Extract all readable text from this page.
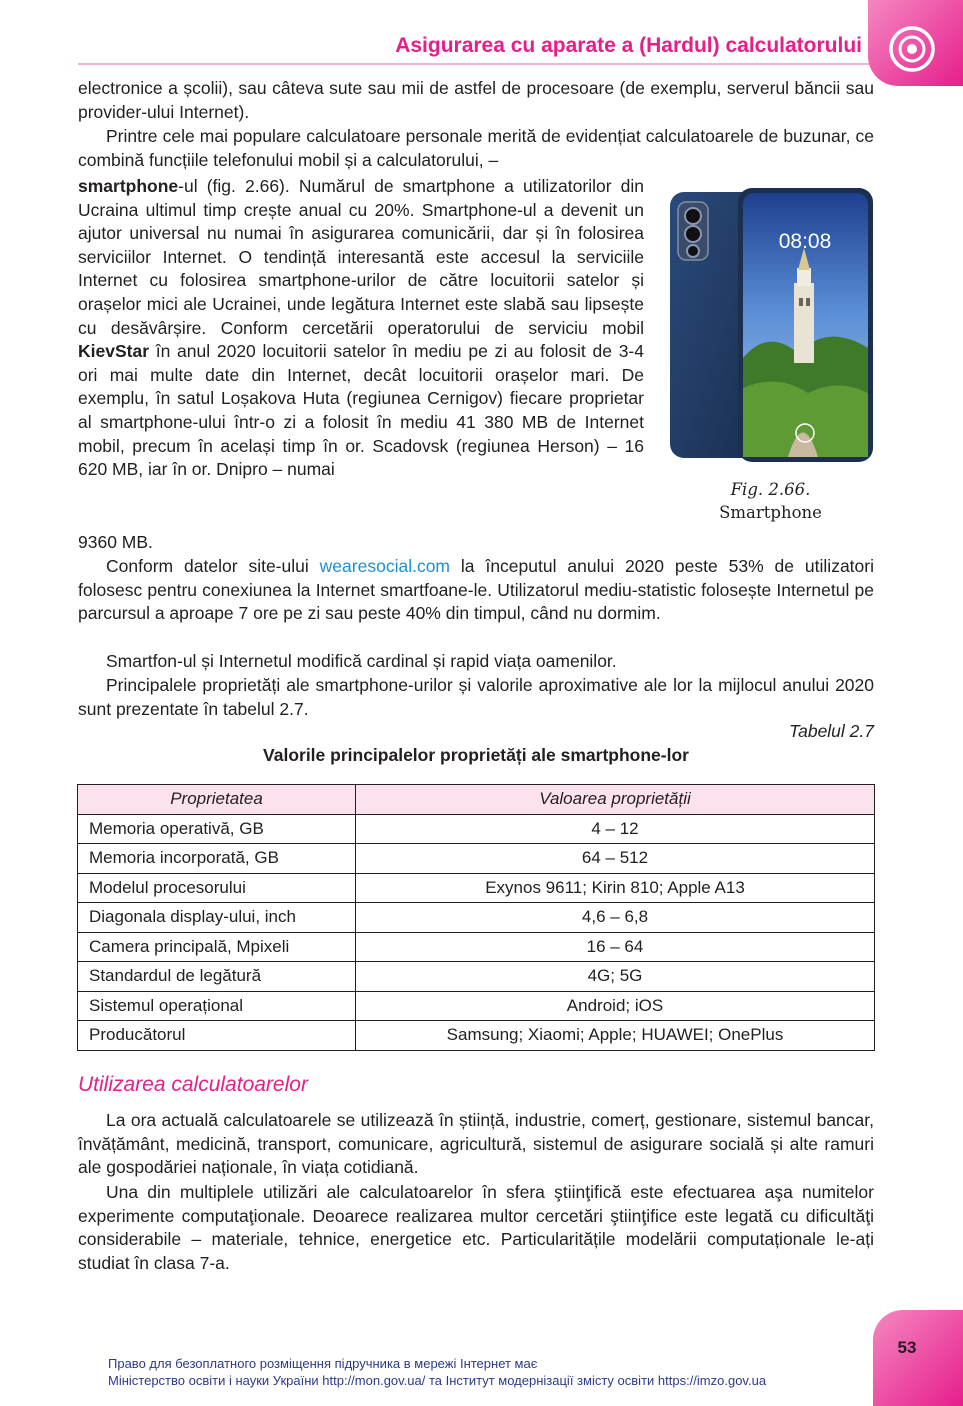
Asigurarea cu aparate a (Hardul) calculatorului

electronice a școlii), sau câteva sute sau mii de astfel de procesoare (de exemplu, serverul băncii sau provider-ului Internet).

Printre cele mai populare calculatoare personale merită de evidențiat calculatoarele de buzunar, ce combină funcțiile telefonului mobil și a calculatorului, –

smartphone-ul (fig. 2.66). Numărul de smartphone a utilizatorilor din Ucraina ultimul timp crește anual cu 20%. Smartphone-ul a devenit un ajutor universal nu numai în asigurarea comunicării, dar și în folosirea serviciilor Internet. O tendință interesantă este accesul la serviciile Internet cu folosirea smartphone-urilor de către locuitorii satelor și orașelor mici ale Ucrainei, unde legătura Internet este slabă sau lipsește cu desăvârșire. Conform cercetării operatorului de serviciu mobil KievStar în anul 2020 locuitorii satelor în mediu pe zi au folosit de 3-4 ori mai multe date din Internet, decât locuitorii orașelor mari. De exemplu, în satul Loșakova Huta (regiunea Cernigov) fiecare proprietar al smartphone-ului într-o zi a folosit în mediu 41 380 MB de Internet mobil, precum în același timp în or. Scadovsk (regiunea Herson) – 16 620 MB, iar în or. Dnipro – numai

9360 MB.

Conform datelor site-ului wearesocial.com la începutul anului 2020 peste 53% de utilizatori folosesc pentru conexiunea la Internet smartfoane-le. Utilizatorul mediu-statistic folosește Internetul pe parcursul a aproape 7 ore pe zi sau peste 40% din timpul, când nu dormim.

Smartfon-ul și Internetul modifică cardinal și rapid viața oamenilor.

Principalele proprietăți ale smartphone-urilor și valorile aproximative ale lor la mijlocul anului 2020 sunt prezentate în tabelul 2.7.

08:08
Fig. 2.66.
Smartphone
Tabelul 2.7
Valorile principalelor proprietăți ale smartphone-lor
Proprietatea	Valoarea proprietății
Memoria operativă, GB	4 – 12
Memoria incorporată, GB	64 – 512
Modelul procesorului	Exynos 9611; Kirin 810; Apple A13
Diagonala display-ului, inch	4,6 – 6,8
Camera principală, Mpixeli	16 – 64
Standardul de legătură	4G; 5G
Sistemul operațional	Android; iOS
Producătorul	Samsung; Xiaomi; Apple; HUAWEI; OnePlus
Utilizarea calculatoarelor

La ora actuală calculatoarele se utilizează în știință, industrie, comerț, gestionare, sistemul bancar, învățământ, medicină, transport, comunicare, agricultură, sistemul de asigurare socială și alte ramuri ale gospodăriei naționale, în viața cotidiană.

Una din multiplele utilizări ale calculatoarelor în sfera ştiinţifică este efectuarea aşa numitelor experimente computaţionale. Deoarece realizarea multor cercetări ştiinţifice este legată cu dificultăţi considerabile – materiale, tehnice, energetice etc. Particularitățile modelării computaționale le-ați studiat în clasa 7-a.

53
Право для безоплатного розміщення підручника в мережі Інтернет має
Міністерство освіти і науки України http://mon.gov.ua/ та Інститут модернізації змісту освіти https://imzo.gov.ua
